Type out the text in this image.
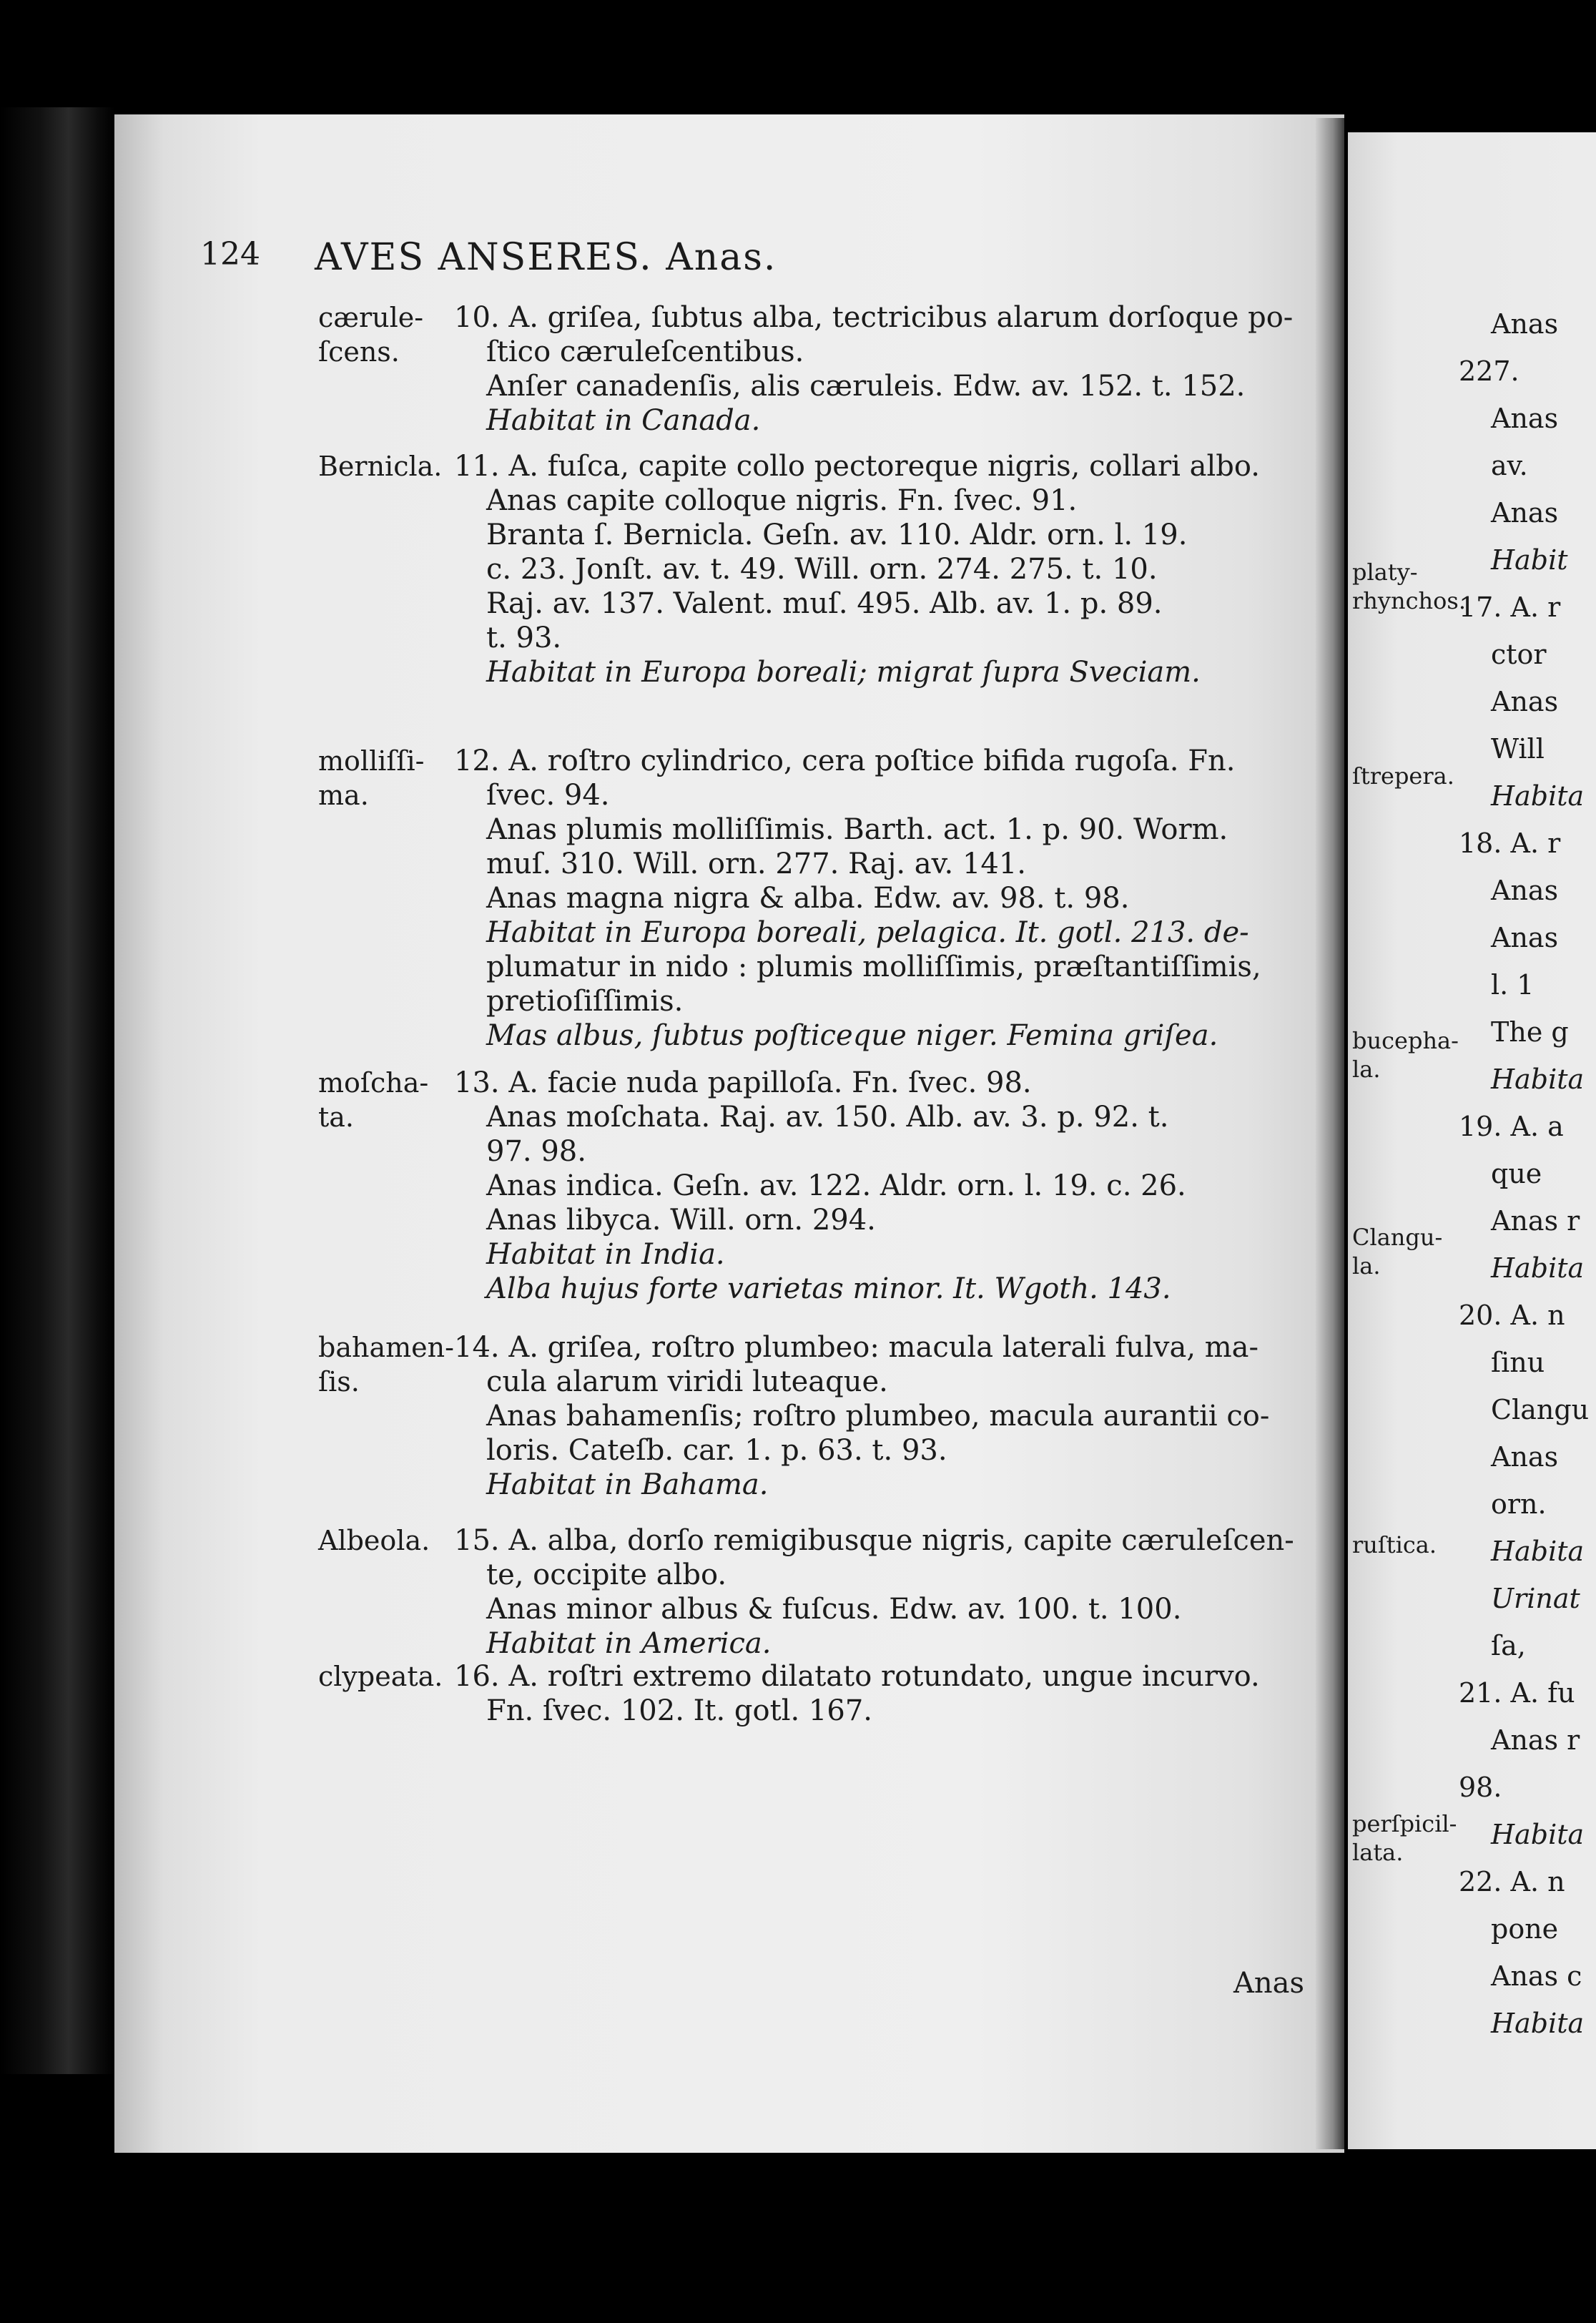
Anas
227.
Anas
av.
Anas
Habit
17. A. r
ctor
Anas
Will
Habita
18. A. r
Anas
Anas
l. 1
The g
Habita
19. A. a
que
Anas r
Habita
20. A. n
ſinu
Clangu
Anas
orn.
Habita
Urinat
ſa,
21. A. fu
Anas r
98.
Habita
22. A. n
pone
Anas c
Habita
platy-
rhynchos.
ſtrepera.
bucepha-
la.
Clangu-
la.
ruſtica.
perſpicil-
lata.
124 AVES ANSERES. Anas.
cærule-
ſcens.
10. A. griſea, ſubtus alba, tectricibus alarum dorſoque po-
ſtico cæruleſcentibus.
Anſer canadenſis, alis cæruleis. Edw. av. 152. t. 152.
Habitat in Canada.
Bernicla. 11. A. fuſca, capite collo pectoreque nigris, collari albo.
Anas capite colloque nigris. Fn. ſvec. 91.
Branta ſ. Bernicla. Geſn. av. 110. Aldr. orn. l. 19.
c. 23. Jonſt. av. t. 49. Will. orn. 274. 275. t. 10.
Raj. av. 137. Valent. muſ. 495. Alb. av. 1. p. 89.
t. 93.
Habitat in Europa boreali; migrat ſupra Sveciam.
molliſſi-
ma.
12. A. roſtro cylindrico, cera poſtice bifida rugoſa. Fn.
ſvec. 94.
Anas plumis molliſſimis. Barth. act. 1. p. 90. Worm.
muſ. 310. Will. orn. 277. Raj. av. 141.
Anas magna nigra & alba. Edw. av. 98. t. 98.
Habitat in Europa boreali, pelagica. It. gotl. 213. de-
plumatur in nido : plumis molliſſimis, præſtantiſſimis,
pretioſiſſimis.
Mas albus, ſubtus poſticeque niger. Femina griſea.
moſcha-
ta.
13. A. facie nuda papilloſa. Fn. ſvec. 98.
Anas moſchata. Raj. av. 150. Alb. av. 3. p. 92. t.
97. 98.
Anas indica. Geſn. av. 122. Aldr. orn. l. 19. c. 26.
Anas libyca. Will. orn. 294.
Habitat in India.
Alba hujus forte varietas minor. It. Wgoth. 143.
bahamen-
ſis.
14. A. griſea, roſtro plumbeo: macula laterali fulva, ma-
cula alarum viridi luteaque.
Anas bahamenſis; roſtro plumbeo, macula aurantii co-
loris. Cateſb. car. 1. p. 63. t. 93.
Habitat in Bahama.
Albeola. 15. A. alba, dorſo remigibusque nigris, capite cæruleſcen-
te, occipite albo.
Anas minor albus & fuſcus. Edw. av. 100. t. 100.
Habitat in America.
clypeata. 16. A. roſtri extremo dilatato rotundato, ungue incurvo.
Fn. ſvec. 102. It. gotl. 167.
Anas
